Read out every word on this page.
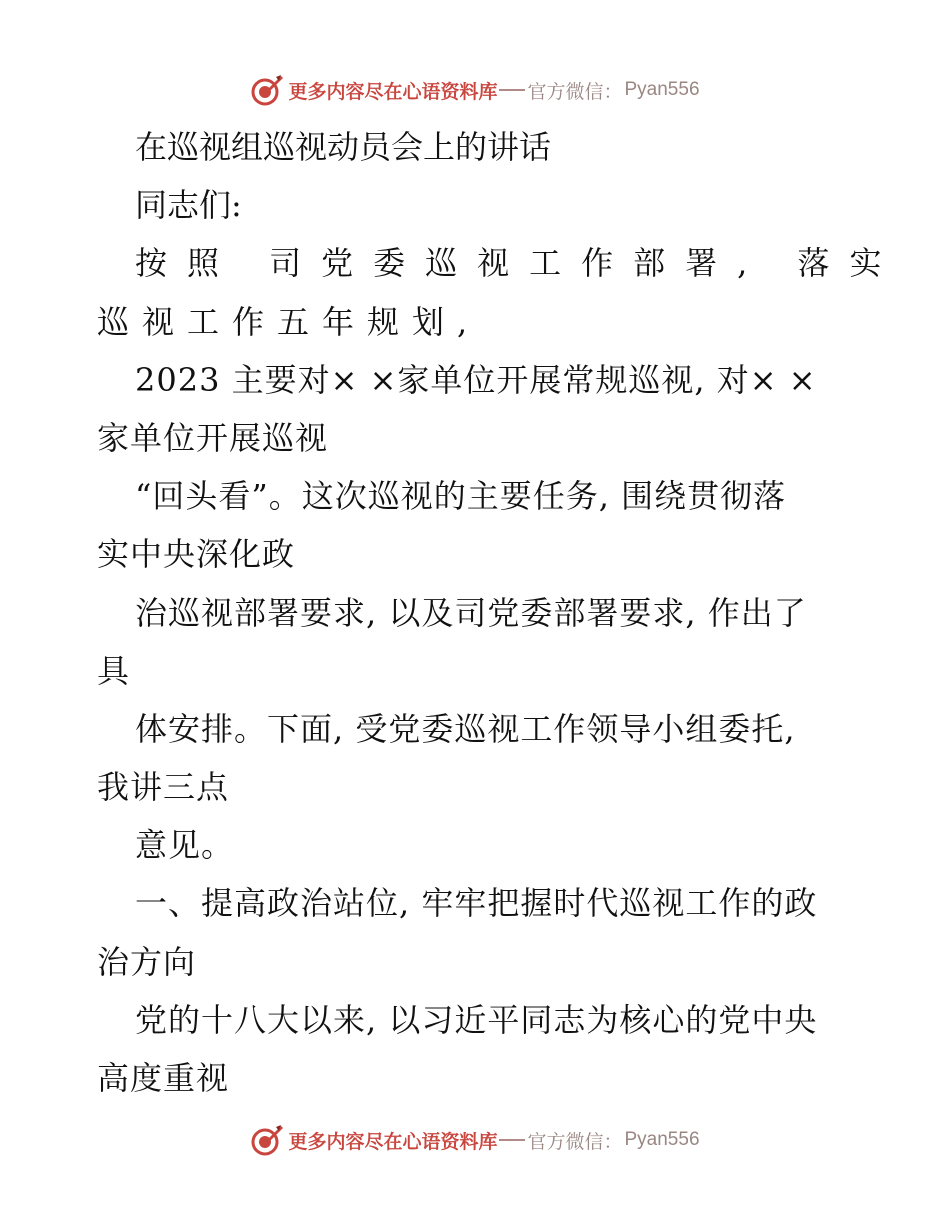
更多内容尽在心语资料库 官方微信： Pyan556
在巡视组巡视动员会上的讲话
同志们:
按照 司党委巡视工作部署, 落实
巡视工作五年规划,
2023 主要对× ×家单位开展常规巡视, 对× ×
家单位开展巡视
“回头看”。这次巡视的主要任务, 围绕贯彻落
实中央深化政
治巡视部署要求, 以及司党委部署要求, 作出了
具
体安排。下面, 受党委巡视工作领导小组委托,
我讲三点
意见。
一、提高政治站位, 牢牢把握时代巡视工作的政
治方向
党的十八大以来, 以习近平同志为核心的党中央
高度重视
更多内容尽在心语资料库 官方微信： Pyan556
